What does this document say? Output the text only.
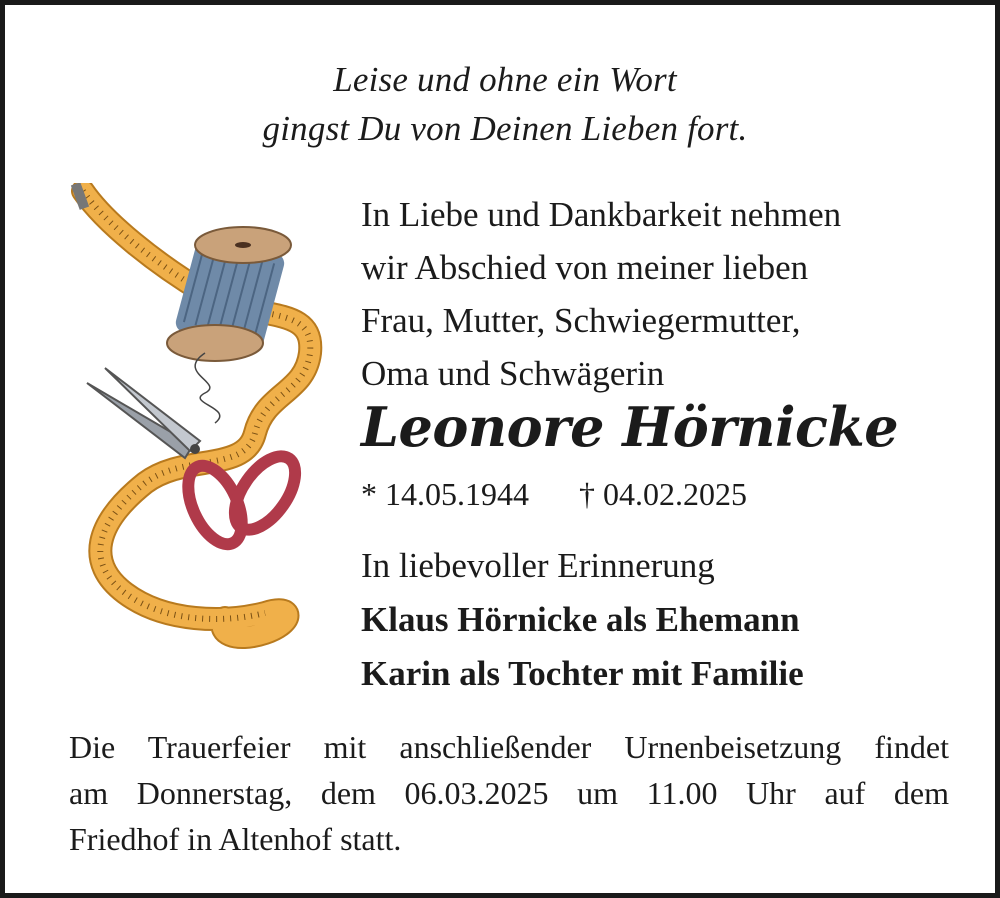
Leise und ohne ein Wort
gingst Du von Deinen Lieben fort.
In Liebe und Dankbarkeit nehmen
wir Abschied von meiner lieben
Frau, Mutter, Schwiegermutter,
Oma und Schwägerin
Leonore Hörnicke
* 14.05.1944 † 04.02.2025
In liebevoller Erinnerung
Klaus Hörnicke als Ehemann
Karin als Tochter mit Familie
Die Trauerfeier mit anschließender Urnenbeisetzung findet
am Donnerstag, dem 06.03.2025 um 11.00 Uhr auf dem
Friedhof in Altenhof statt.
